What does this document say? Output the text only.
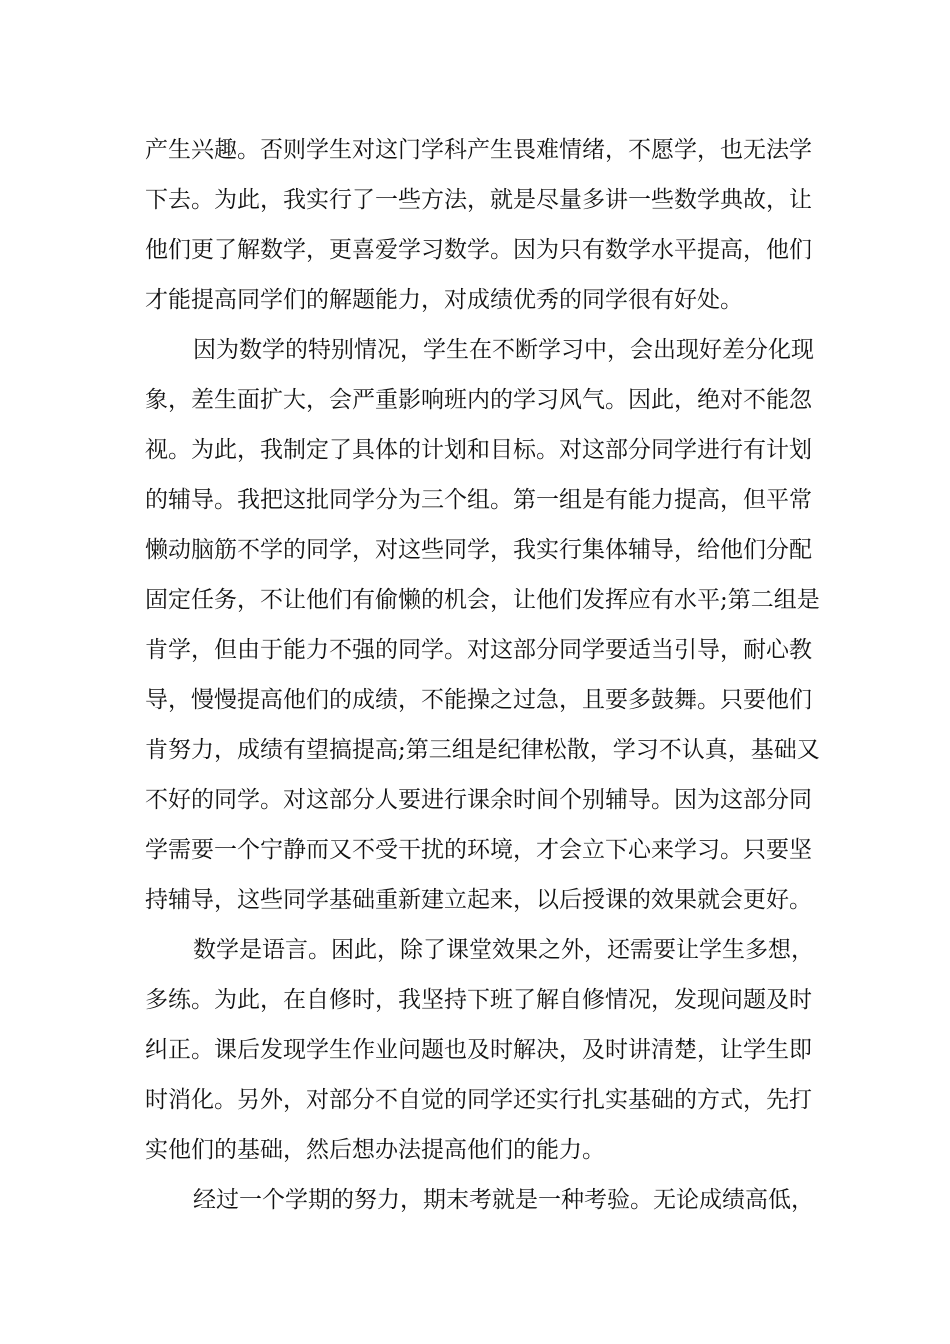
产生兴趣。否则学生对这门学科产生畏难情绪，不愿学，也无法学
下去。为此，我实行了一些方法，就是尽量多讲一些数学典故，让
他们更了解数学，更喜爱学习数学。因为只有数学水平提高，他们
才能提高同学们的解题能力，对成绩优秀的同学很有好处。
因为数学的特别情况，学生在不断学习中，会出现好差分化现
象，差生面扩大，会严重影响班内的学习风气。因此，绝对不能忽
视。为此，我制定了具体的计划和目标。对这部分同学进行有计划
的辅导。我把这批同学分为三个组。第一组是有能力提高，但平常
懒动脑筋不学的同学，对这些同学，我实行集体辅导，给他们分配
固定任务，不让他们有偷懒的机会，让他们发挥应有水平;第二组是
肯学，但由于能力不强的同学。对这部分同学要适当引导，耐心教
导，慢慢提高他们的成绩，不能操之过急，且要多鼓舞。只要他们
肯努力，成绩有望搞提高;第三组是纪律松散，学习不认真，基础又
不好的同学。对这部分人要进行课余时间个别辅导。因为这部分同
学需要一个宁静而又不受干扰的环境，才会立下心来学习。只要坚
持辅导，这些同学基础重新建立起来，以后授课的效果就会更好。
数学是语言。困此，除了课堂效果之外，还需要让学生多想，
多练。为此，在自修时，我坚持下班了解自修情况，发现问题及时
纠正。课后发现学生作业问题也及时解决，及时讲清楚，让学生即
时消化。另外，对部分不自觉的同学还实行扎实基础的方式，先打
实他们的基础，然后想办法提高他们的能力。
经过一个学期的努力，期末考就是一种考验。无论成绩高低，
